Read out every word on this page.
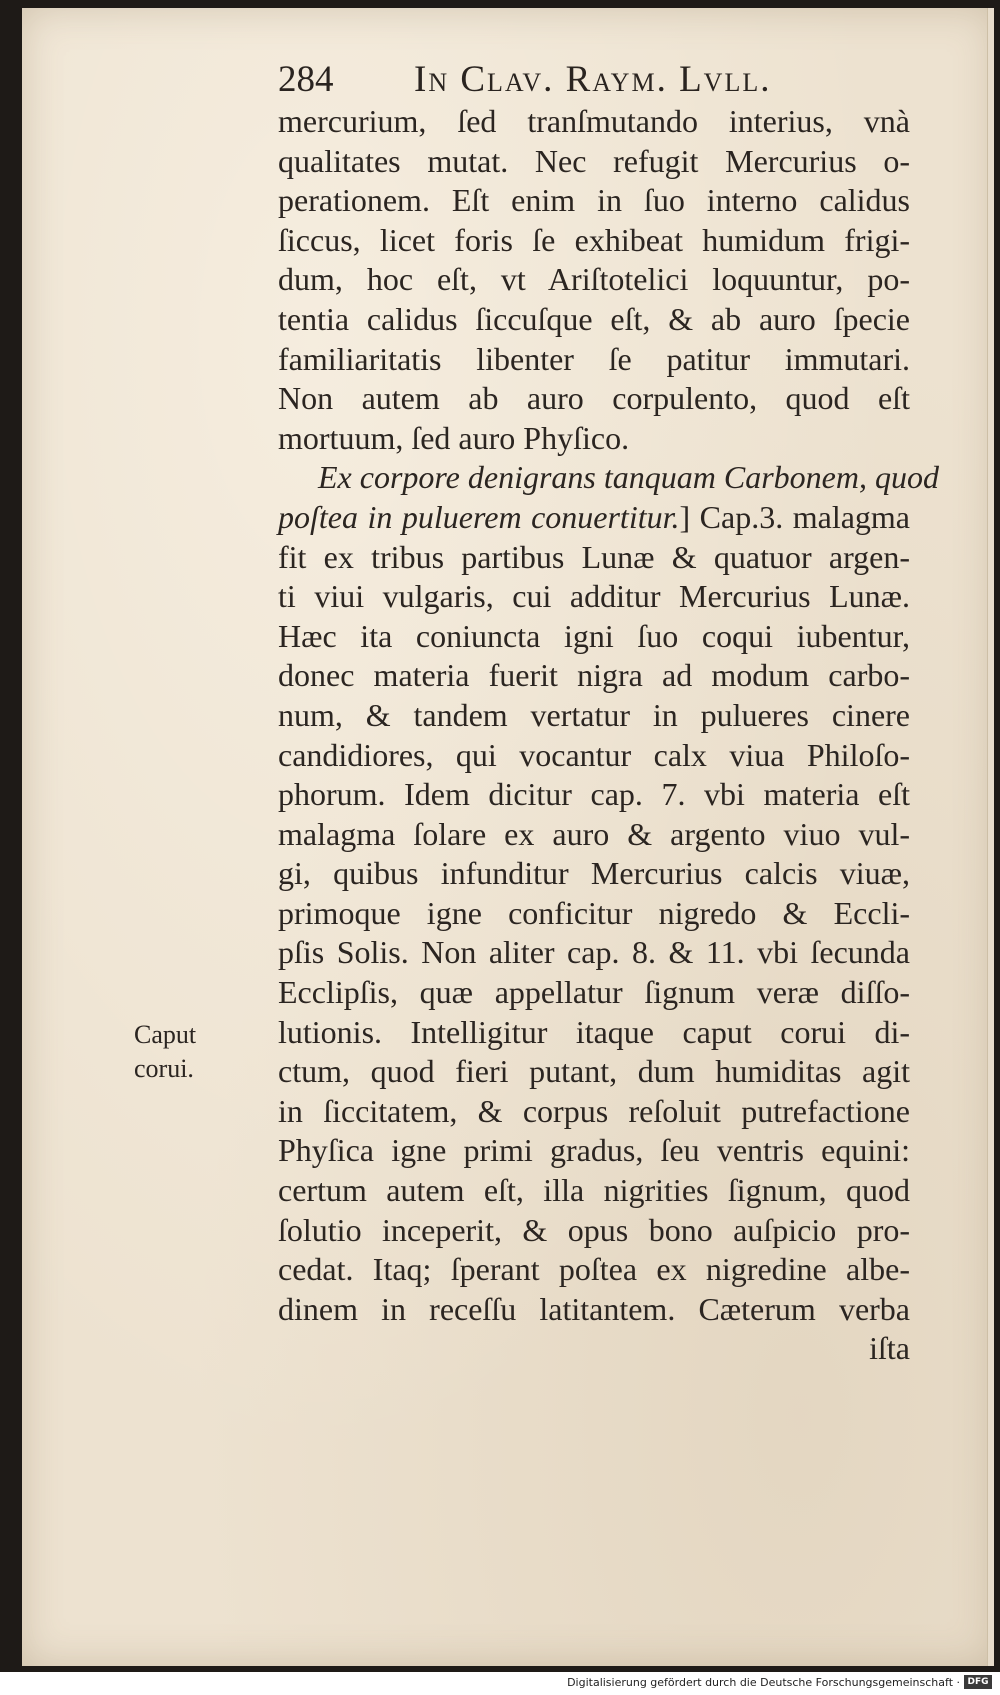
284 In Clav. Raym. Lvll.
mercurium, ſed tranſmutando interius, vnà
qualitates mutat. Nec refugit Mercurius o-
perationem. Eſt enim in ſuo interno calidus
ſiccus, licet foris ſe exhibeat humidum frigi-
dum, hoc eſt, vt Ariſtotelici loquuntur, po-
tentia calidus ſiccuſque eſt, & ab auro ſpecie
familiaritatis libenter ſe patitur immutari.
Non autem ab auro corpulento, quod eſt
mortuum, ſed auro Phyſico.
Ex corpore denigrans tanquam Carbonem, quod
poſtea in puluerem conuertitur.] Cap.3. malagma
fit ex tribus partibus Lunæ & quatuor argen-
ti viui vulgaris, cui additur Mercurius Lunæ.
Hæc ita coniuncta igni ſuo coqui iubentur,
donec materia fuerit nigra ad modum carbo-
num, & tandem vertatur in pulueres cinere
candidiores, qui vocantur calx viua Philoſo-
phorum. Idem dicitur cap. 7. vbi materia eſt
malagma ſolare ex auro & argento viuo vul-
gi, quibus infunditur Mercurius calcis viuæ,
primoque igne conficitur nigredo & Eccli-
pſis Solis. Non aliter cap. 8. & 11. vbi ſecunda
Ecclipſis, quæ appellatur ſignum veræ diſſo-
lutionis. Intelligitur itaque caput corui di-
ctum, quod fieri putant, dum humiditas agit
in ſiccitatem, & corpus reſoluit putrefactione
Phyſica igne primi gradus, ſeu ventris equini:
certum autem eſt, illa nigrities ſignum, quod
ſolutio inceperit, & opus bono auſpicio pro-
cedat. Itaq; ſperant poſtea ex nigredine albe-
dinem in receſſu latitantem. Cæterum verba
iſta
Caput
corui.
Digitalisierung gefördert durch die Deutsche Forschungsgemeinschaft · DFG
